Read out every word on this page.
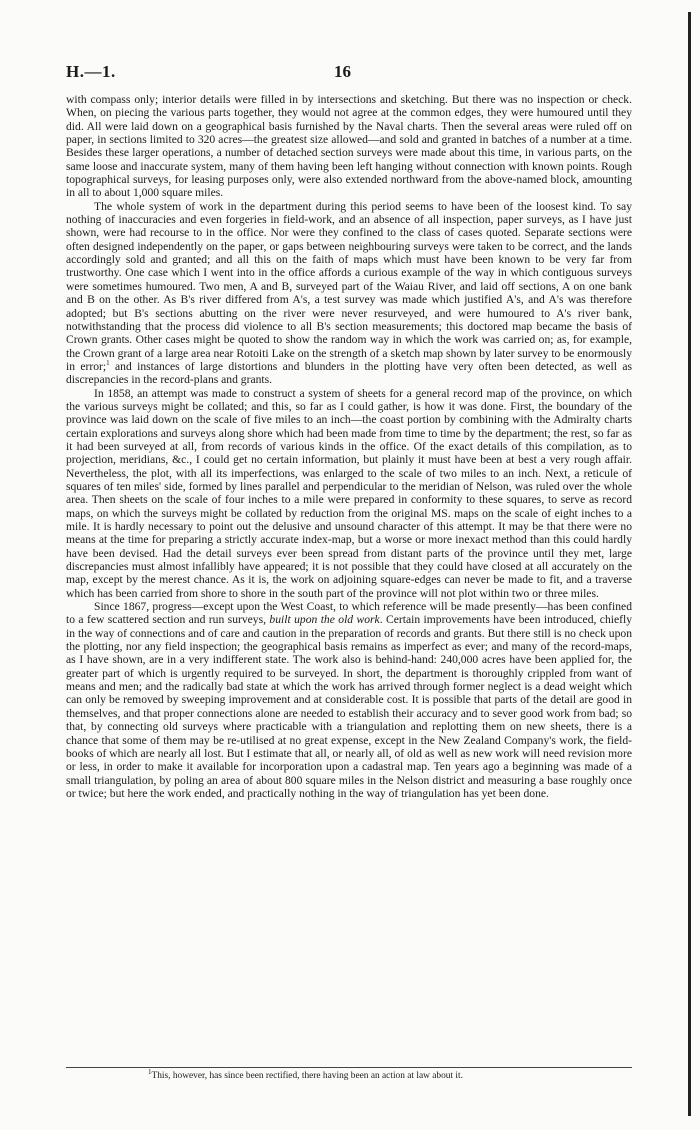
H.—1.	16

with compass only; interior details were filled in by intersections and sketching. But there was no inspection or check. When, on piecing the various parts together, they would not agree at the common edges, they were humoured until they did. All were laid down on a geographical basis furnished by the Naval charts. Then the several areas were ruled off on paper, in sections limited to 320 acres—the greatest size allowed—and sold and granted in batches of a number at a time. Besides these larger operations, a number of detached section surveys were made about this time, in various parts, on the same loose and inaccurate system, many of them having been left hanging without connection with known points. Rough topographical surveys, for leasing purposes only, were also extended northward from the above-named block, amounting in all to about 1,000 square miles.

The whole system of work in the department during this period seems to have been of the loosest kind. To say nothing of inaccuracies and even forgeries in field-work, and an absence of all inspection, paper surveys, as I have just shown, were had recourse to in the office. Nor were they confined to the class of cases quoted. Separate sections were often designed independently on the paper, or gaps between neighbouring surveys were taken to be correct, and the lands accordingly sold and granted; and all this on the faith of maps which must have been known to be very far from trustworthy. One case which I went into in the office affords a curious example of the way in which contiguous surveys were sometimes humoured. Two men, A and B, surveyed part of the Waiau River, and laid off sections, A on one bank and B on the other. As B's river differed from A's, a test survey was made which justified A's, and A's was therefore adopted; but B's sections abutting on the river were never resurveyed, and were humoured to A's river bank, notwithstanding that the process did violence to all B's section measurements; this doctored map became the basis of Crown grants. Other cases might be quoted to show the random way in which the work was carried on; as, for example, the Crown grant of a large area near Rotoiti Lake on the strength of a sketch map shown by later survey to be enormously in error;$^1$ and instances of large distortions and blunders in the plotting have very often been detected, as well as discrepancies in the record-plans and grants.

In 1858, an attempt was made to construct a system of sheets for a general record map of the province, on which the various surveys might be collated; and this, so far as I could gather, is how it was done. First, the boundary of the province was laid down on the scale of five miles to an inch—the coast portion by combining with the Admiralty charts certain explorations and surveys along shore which had been made from time to time by the department; the rest, so far as it had been surveyed at all, from records of various kinds in the office. Of the exact details of this compilation, as to projection, meridians, &c., I could get no certain information, but plainly it must have been at best a very rough affair. Nevertheless, the plot, with all its imperfections, was enlarged to the scale of two miles to an inch. Next, a reticule of squares of ten miles' side, formed by lines parallel and perpendicular to the meridian of Nelson, was ruled over the whole area. Then sheets on the scale of four inches to a mile were prepared in conformity to these squares, to serve as record maps, on which the surveys might be collated by reduction from the original MS. maps on the scale of eight inches to a mile. It is hardly necessary to point out the delusive and unsound character of this attempt. It may be that there were no means at the time for preparing a strictly accurate index-map, but a worse or more inexact method than this could hardly have been devised. Had the detail surveys ever been spread from distant parts of the province until they met, large discrepancies must almost infallibly have appeared; it is not possible that they could have closed at all accurately on the map, except by the merest chance. As it is, the work on adjoining square-edges can never be made to fit, and a traverse which has been carried from shore to shore in the south part of the province will not plot within two or three miles.

Since 1867, progress—except upon the West Coast, to which reference will be made presently—has been confined to a few scattered section and run surveys, built upon the old work. Certain improvements have been introduced, chiefly in the way of connections and of care and caution in the preparation of records and grants. But there still is no check upon the plotting, nor any field inspection; the geographical basis remains as imperfect as ever; and many of the record-maps, as I have shown, are in a very indifferent state. The work also is behind-hand: 240,000 acres have been applied for, the greater part of which is urgently required to be surveyed. In short, the department is thoroughly crippled from want of means and men; and the radically bad state at which the work has arrived through former neglect is a dead weight which can only be removed by sweeping improvement and at considerable cost. It is possible that parts of the detail are good in themselves, and that proper connections alone are needed to establish their accuracy and to sever good work from bad; so that, by connecting old surveys where practicable with a triangulation and replotting them on new sheets, there is a chance that some of them may be re-utilised at no great expense, except in the New Zealand Company's work, the field-books of which are nearly all lost. But I estimate that all, or nearly all, of old as well as new work will need revision more or less, in order to make it available for incorporation upon a cadastral map. Ten years ago a beginning was made of a small triangulation, by poling an area of about 800 square miles in the Nelson district and measuring a base roughly once or twice; but here the work ended, and practically nothing in the way of triangulation has yet been done.

$^1$This, however, has since been rectified, there having been an action at law about it.
